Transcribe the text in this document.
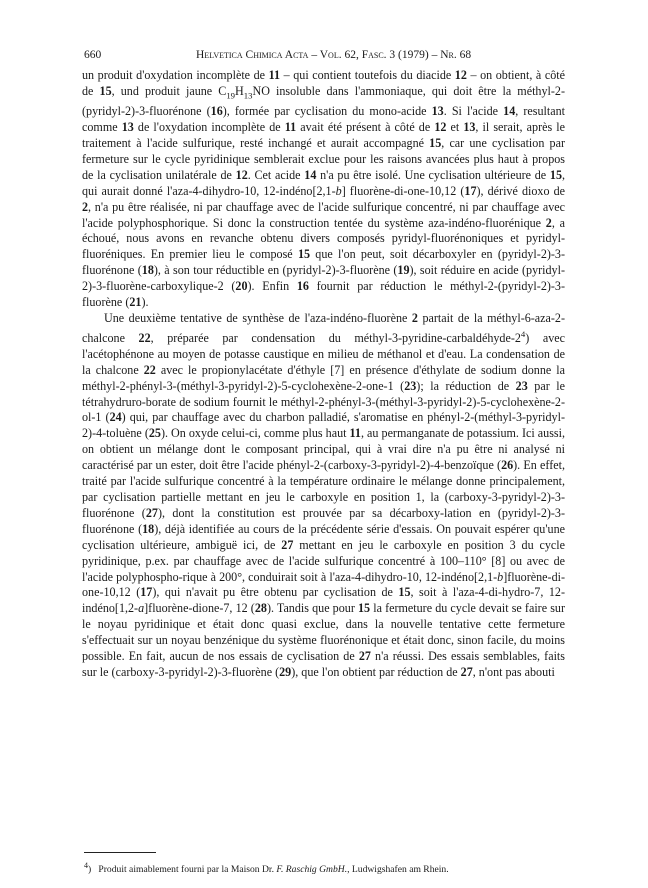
660	Helvetica Chimica Acta – Vol. 62, Fasc. 3 (1979) – Nr. 68

un produit d'oxydation incomplète de 11 – qui contient toutefois du diacide 12 – on obtient, à côté de 15, und produit jaune $C_{19}H_{13}NO$ insoluble dans l'ammoniaque, qui doit être la méthyl-2-(pyridyl-2)-3-fluorénone (16), formée par cyclisation du mono-acide 13. Si l'acide 14, resultant comme 13 de l'oxydation incomplète de 11 avait été présent à côté de 12 et 13, il serait, après le traitement à l'acide sulfurique, resté inchangé et aurait accompagné 15, car une cyclisation par fermeture sur le cycle pyridinique semblerait exclue pour les raisons avancées plus haut à propos de la cyclisation unilatérale de 12. Cet acide 14 n'a pu être isolé. Une cyclisation ultérieure de 15, qui aurait donné l'aza-4-dihydro-10, 12-indéno[2,1-b] fluorène-di-one-10,12 (17), dérivé dioxo de 2, n'a pu être réalisée, ni par chauffage avec de l'acide sulfurique concentré, ni par chauffage avec l'acide polyphosphorique. Si donc la construction tentée du système aza-indéno-fluorénique 2, a échoué, nous avons en revanche obtenu divers composés pyridyl-fluorénoniques et pyridyl-fluoréniques. En premier lieu le composé 15 que l'on peut, soit décarboxyler en (pyridyl-2)-3-fluorénone (18), à son tour réductible en (pyridyl-2)-3-fluorène (19), soit réduire en acide (pyridyl-2)-3-fluorène-carboxylique-2 (20). Enfin 16 fournit par réduction le méthyl-2-(pyridyl-2)-3-fluorène (21).

Une deuxième tentative de synthèse de l'aza-indéno-fluorène 2 partait de la méthyl-6-aza-2-chalcone 22, préparée par condensation du méthyl-$3-pyridine-carbaldéhyde-2^4$) avec l'acétophénone au moyen de potasse caustique en milieu de méthanol et d'eau. La condensation de la chalcone 22 avec le propionylacétate d'éthyle [7] en présence d'éthylate de sodium donne la méthyl-2-phényl-3-(méthyl-3-pyridyl-2)-5-cyclohexène-2-one-1 (23); la réduction de 23 par le tétrahydruro-borate de sodium fournit le méthyl-2-phényl-3-(méthyl-3-pyridyl-2)-5-cyclohexène-2-ol-1 (24) qui, par chauffage avec du charbon palladié, s'aromatise en phényl-2-(méthyl-3-pyridyl-2)-4-toluène (25). On oxyde celui-ci, comme plus haut 11, au permanganate de potassium. Ici aussi, on obtient un mélange dont le composant principal, qui à vrai dire n'a pu être ni analysé ni caractérisé par un ester, doit être l'acide phényl-2-(carboxy-3-pyridyl-2)-4-benzoïque (26). En effet, traité par l'acide sulfurique concentré à la température ordinaire le mélange donne principalement, par cyclisation partielle mettant en jeu le carboxyle en position 1, la (carboxy-3-pyridyl-2)-3-fluorénone (27), dont la constitution est prouvée par sa décarboxy-lation en (pyridyl-2)-3-fluorénone (18), déjà identifiée au cours de la précédente série d'essais. On pouvait espérer qu'une cyclisation ultérieure, ambiguë ici, de 27 mettant en jeu le carboxyle en position 3 du cycle pyridinique, p.ex. par chauffage avec de l'acide sulfurique concentré à 100–110° [8] ou avec de l'acide polyphospho-rique à 200°, conduirait soit à l'aza-4-dihydro-10, 12-indéno[2,1-b]fluorène-di-one-10,12 (17), qui n'avait pu être obtenu par cyclisation de 15, soit à l'aza-4-di-hydro-7, 12-indéno[1,2-a]fluorène-dione-7, 12 (28). Tandis que pour 15 la fermeture du cycle devait se faire sur le noyau pyridinique et était donc quasi exclue, dans la nouvelle tentative cette fermeture s'effectuait sur un noyau benzénique du système fluorénonique et était donc, sinon facile, du moins possible. En fait, aucun de nos essais de cyclisation de 27 n'a réussi. Des essais semblables, faits sur le (carboxy-3-pyridyl-2)-3-fluorène (29), que l'on obtient par réduction de 27, n'ont pas abouti

$^4$) Produit aimablement fourni par la Maison Dr. F. Raschig GmbH., Ludwigshafen am Rhein.
